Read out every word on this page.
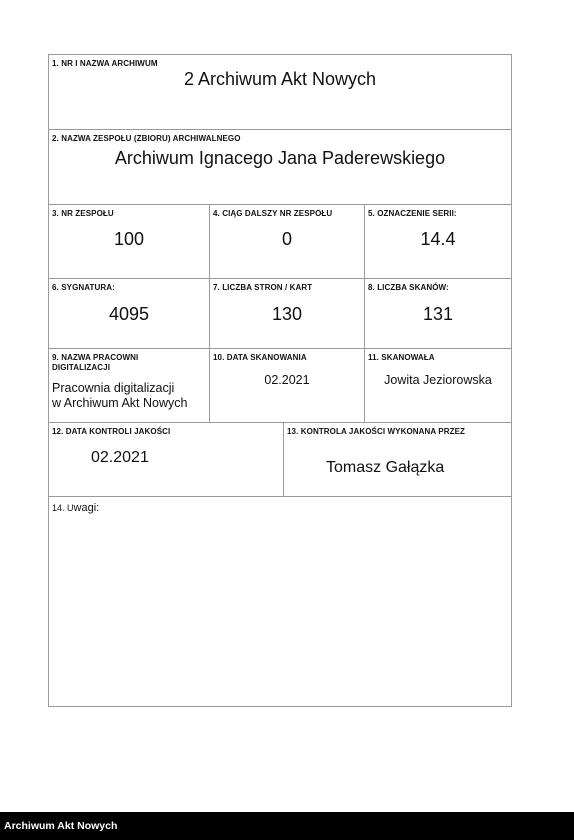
1. NR I NAZWA ARCHIWUM
2 Archiwum Akt Nowych
2. NAZWA ZESPOŁU (ZBIORU) ARCHIWALNEGO
Archiwum Ignacego Jana Paderewskiego
3. NR ZESPOŁU
100
4. CIĄG DALSZY NR ZESPOŁU
0
5. OZNACZENIE SERII:
14.4
6. SYGNATURA:
4095
7. LICZBA STRON / KART
130
8. LICZBA SKANÓW:
131
9. NAZWA PRACOWNI
DIGITALIZACJI
Pracownia digitalizacji
w Archiwum Akt Nowych
10. DATA SKANOWANIA
02.2021
11. SKANOWAŁA
Jowita Jeziorowska
12. DATA KONTROLI JAKOŚCI
02.2021
13. KONTROLA JAKOŚCI WYKONANA PRZEZ
Tomasz Gałązka
14. Uwagi:
Archiwum Akt Nowych
